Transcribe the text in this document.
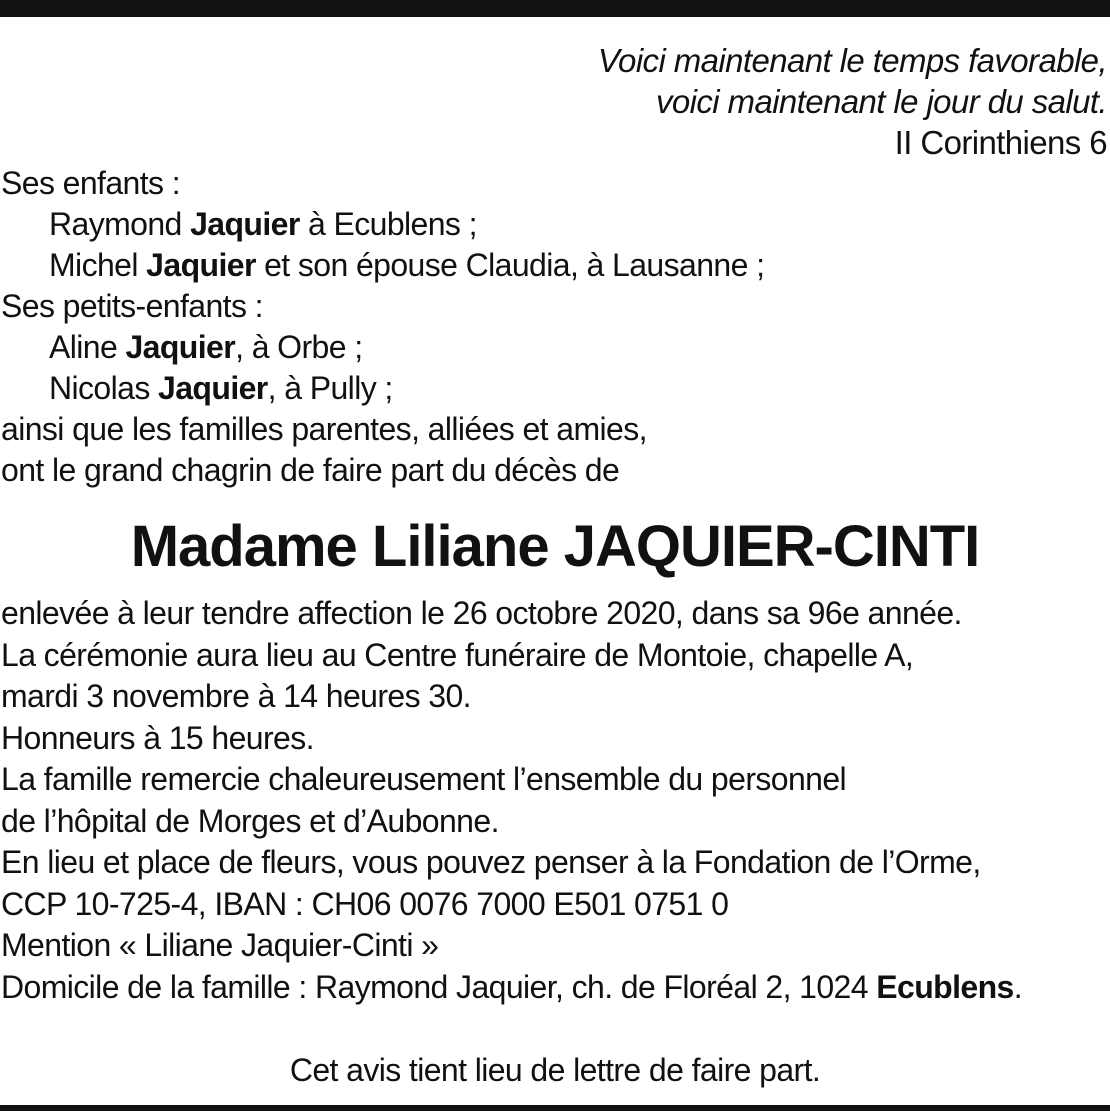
Voici maintenant le temps favorable,
voici maintenant le jour du salut.
II Corinthiens 6
Ses enfants :
Raymond Jaquier à Ecublens ;
Michel Jaquier et son épouse Claudia, à Lausanne ;
Ses petits-enfants :
Aline Jaquier, à Orbe ;
Nicolas Jaquier, à Pully ;
ainsi que les familles parentes, alliées et amies,
ont le grand chagrin de faire part du décès de
Madame Liliane JAQUIER-CINTI
enlevée à leur tendre affection le 26 octobre 2020, dans sa 96e année.
La cérémonie aura lieu au Centre funéraire de Montoie, chapelle A,
mardi 3 novembre à 14 heures 30.
Honneurs à 15 heures.
La famille remercie chaleureusement l’ensemble du personnel
de l’hôpital de Morges et d’Aubonne.
En lieu et place de fleurs, vous pouvez penser à la Fondation de l’Orme,
CCP 10-725-4, IBAN : CH06 0076 7000 E501 0751 0
Mention « Liliane Jaquier-Cinti »
Domicile de la famille : Raymond Jaquier, ch. de Floréal 2, 1024 Ecublens.
Cet avis tient lieu de lettre de faire part.
